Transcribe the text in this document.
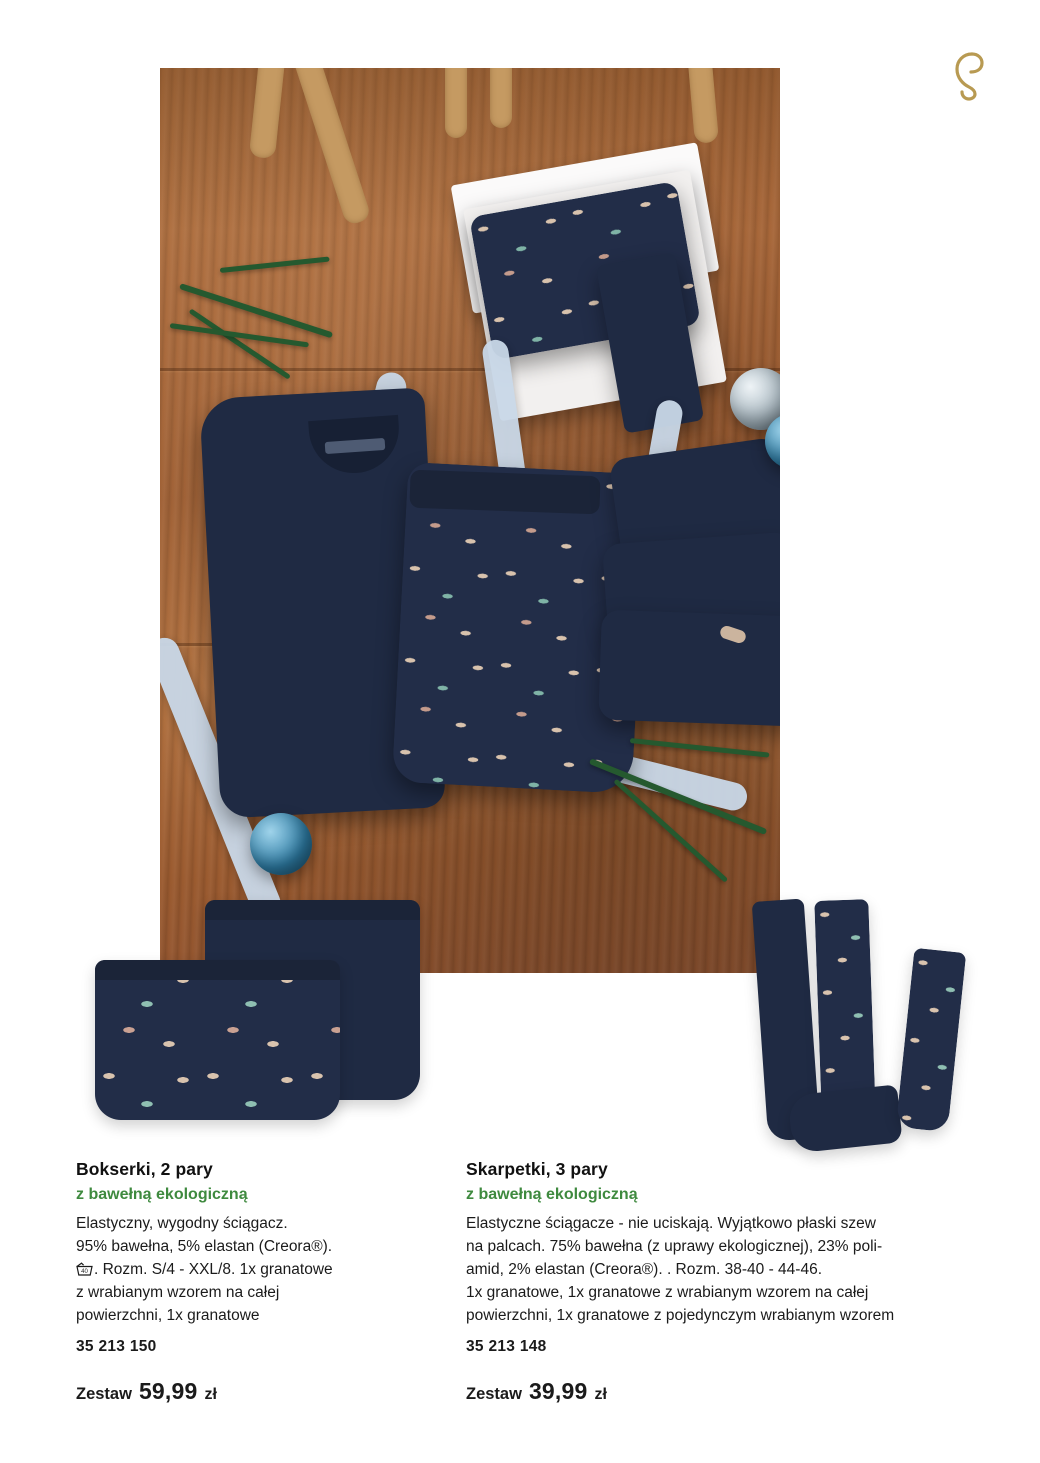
Bokserki, 2 pary

z bawełną ekologiczną

Elastyczny, wygodny ściągacz.

95% bawełna, 5% elastan (Creora®).

40 . Rozm. S/4 - XXL/8. 1x granatowe

z wrabianym wzorem na całej

powierzchni, 1x granatowe

35 213 150

Zestaw 59,99 zł
Skarpetki, 3 pary

z bawełną ekologiczną

Elastyczne ściągacze - nie uciskają. Wyjątkowo płaski szew

na palcach. 75% bawełna (z uprawy ekologicznej), 23% poli-

amid, 2% elastan (Creora®). . Rozm. 38-40 - 44-46.

1x granatowe, 1x granatowe z wrabianym wzorem na całej

powierzchni, 1x granatowe z pojedynczym wrabianym wzorem

35 213 148

Zestaw 39,99 zł
